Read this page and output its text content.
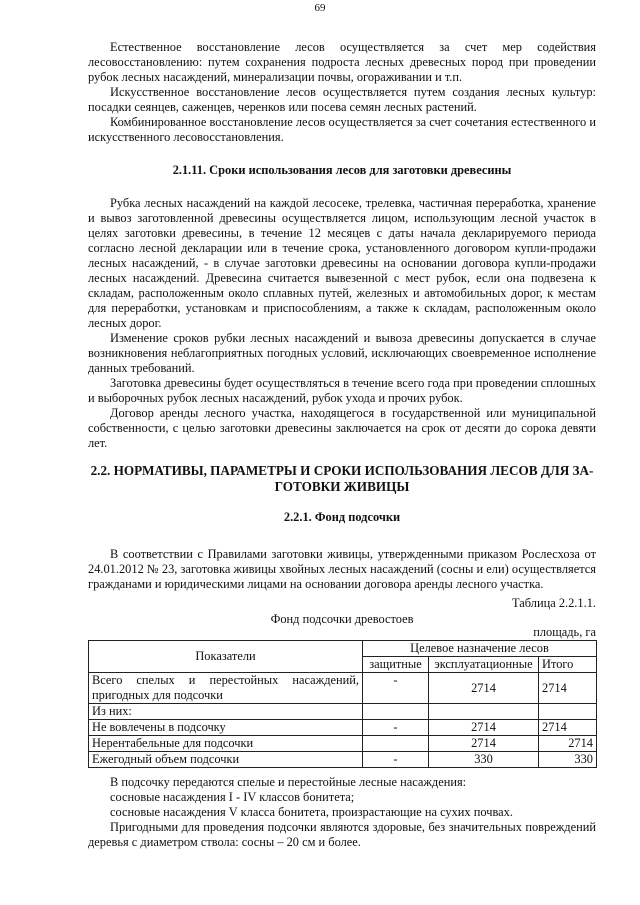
69

Естественное восстановление лесов осуществляется за счет мер содействия лесовосстановлению: путем сохранения подроста лесных древесных пород при проведении рубок лесных насаждений, минерализации почвы, огораживании и т.п.

Искусственное восстановление лесов осуществляется путем создания лесных культур: посадки сеянцев, саженцев, черенков или посева семян лесных растений.

Комбинированное восстановление лесов осуществляется за счет сочетания естественного и искусственного лесовосстановления.

2.1.11. Сроки использования лесов для заготовки древесины

Рубка лесных насаждений на каждой лесосеке, трелевка, частичная переработка, хранение и вывоз заготовленной древесины осуществляется лицом, использующим лесной участок в целях заготовки древесины, в течение 12 месяцев с даты начала декларируемого периода согласно лесной декларации или в течение срока, установленного договором купли-продажи лесных насаждений, - в случае заготовки древесины на основании договора купли-продажи лесных насаждений. Древесина считается вывезенной с мест рубок, если она подвезена к складам, расположенным около сплавных путей, железных и автомобильных дорог, к местам для переработки, установкам и приспособлениям, а также к складам, расположенным около лесных дорог.

Изменение сроков рубки лесных насаждений и вывоза древесины допускается в случае возникновения неблагоприятных погодных условий, исключающих своевременное исполнение данных требований.

Заготовка древесины будет осуществляться в течение всего года при проведении сплошных и выборочных рубок лесных насаждений, рубок ухода и прочих рубок.

Договор аренды лесного участка, находящегося в государственной или муниципальной собственности, с целью заготовки древесины заключается на срок от десяти до сорока девяти лет.

2.2. НОРМАТИВЫ, ПАРАМЕТРЫ И СРОКИ ИСПОЛЬЗОВАНИЯ ЛЕСОВ ДЛЯ ЗА-

ГОТОВКИ ЖИВИЦЫ

2.2.1. Фонд подсочки

В соответствии с Правилами заготовки живицы, утвержденными приказом Рослесхоза от 24.01.2012 № 23, заготовка живицы хвойных лесных насаждений (сосны и ели) осуществляется гражданами и юридическими лицами на основании договора аренды лесного участка.

Таблица 2.2.1.1.
Фонд подсочки древостоев
площадь, га
Показатели	Целевое назначение лесов		
	защитные	эксплуатационные	Итого
Всего спелых и перестойных насаждений, пригодных для подсочки	-	2714	2714
Из них:			
Не вовлечены в подсочку	-	2714	2714
Нерентабельные для подсочки		2714	2714
Ежегодный объем подсочки	-	330	330

В подсочку передаются спелые и перестойные лесные насаждения:

сосновые насаждения I - IV классов бонитета;

сосновые насаждения V класса бонитета, произрастающие на сухих почвах.

Пригодными для проведения подсочки являются здоровые, без значительных повреждений деревья с диаметром ствола: сосны – 20 см и более.
